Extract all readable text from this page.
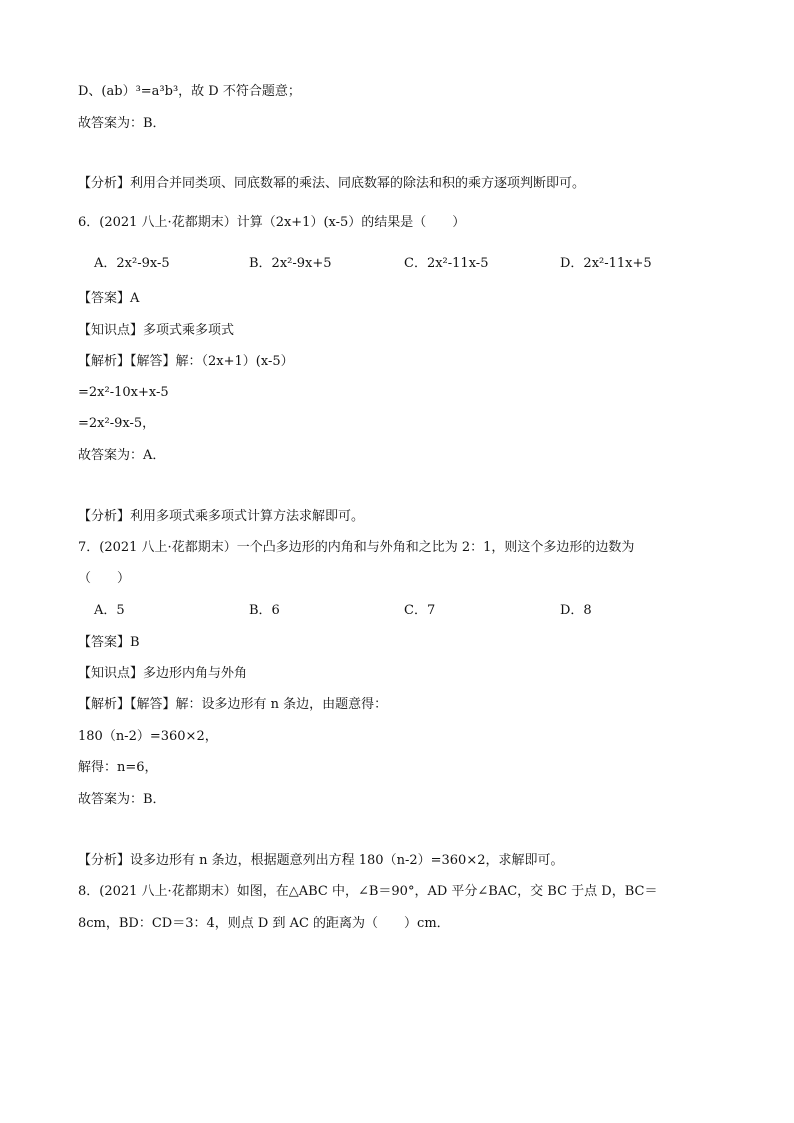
D、(ab）³=a³b³，故 D 不符合题意；
故答案为：B．
【分析】利用合并同类项、同底数幂的乘法、同底数幂的除法和积的乘方逐项判断即可。
6．(2021 八上·花都期末）计算（2x+1）(x-5）的结果是（　　）
A．2x²-9x-5	B．2x²-9x+5	C．2x²-11x-5	D．2x²-11x+5
【答案】A
【知识点】多项式乘多项式
【解析】【解答】解：（2x+1）(x-5）
=2x²-10x+x-5
=2x²-9x-5，
故答案为：A．
【分析】利用多项式乘多项式计算方法求解即可。
7．(2021 八上·花都期末）一个凸多边形的内角和与外角和之比为 2：1，则这个多边形的边数为
（　　）
A．5	B．6	C．7	D．8
【答案】B
【知识点】多边形内角与外角
【解析】【解答】解：设多边形有 n 条边，由题意得：
180（n-2）=360×2，
解得：n=6，
故答案为：B．
【分析】设多边形有 n 条边，根据题意列出方程 180（n-2）=360×2，求解即可。
8．(2021 八上·花都期末）如图，在△ABC 中，∠B＝90°，AD 平分∠BAC，交 BC 于点 D，BC＝
8cm，BD：CD＝3：4，则点 D 到 AC 的距离为（　　）cm．
